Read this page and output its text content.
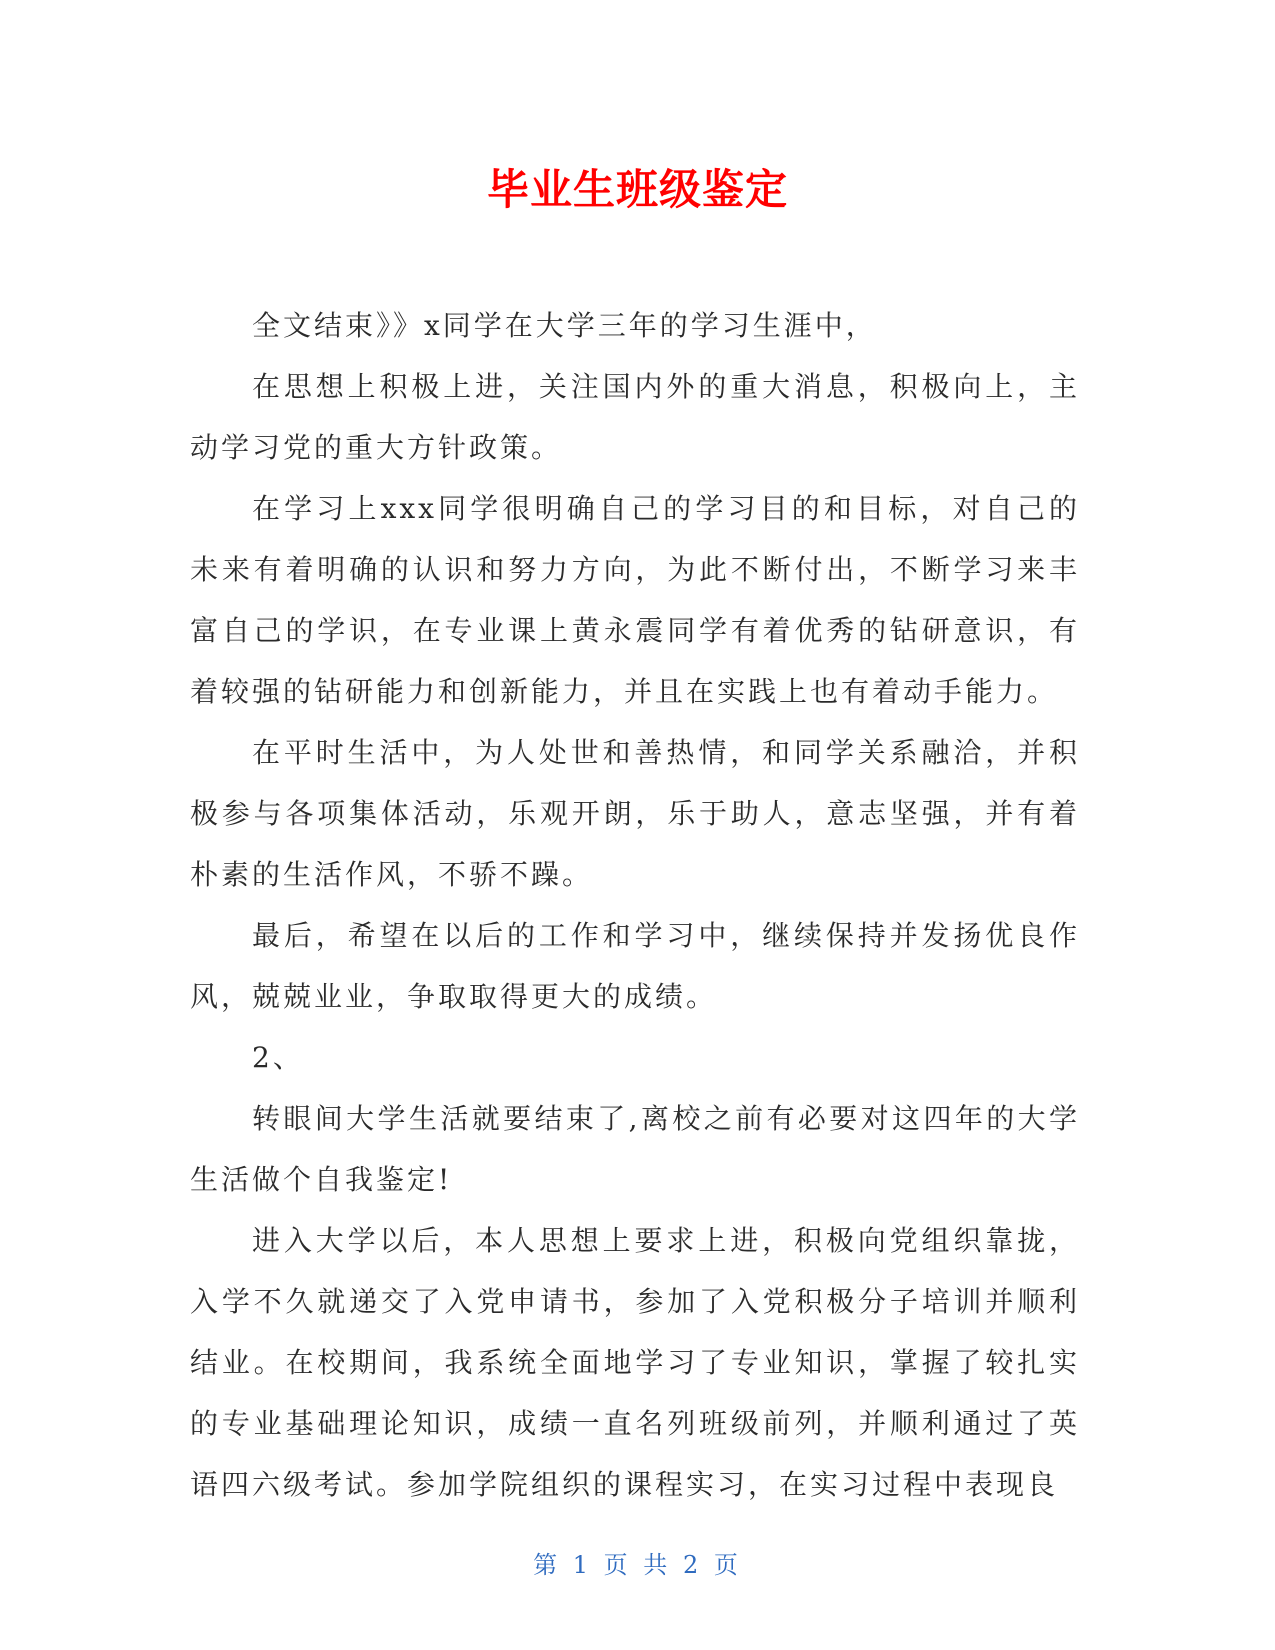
毕业生班级鉴定

全文结束》》x同学在大学三年的学习生涯中，

在思想上积极上进，关注国内外的重大消息，积极向上，主动学习党的重大方针政策。

在学习上xxx同学很明确自己的学习目的和目标，对自己的未来有着明确的认识和努力方向，为此不断付出，不断学习来丰富自己的学识，在专业课上黄永震同学有着优秀的钻研意识，有着较强的钻研能力和创新能力，并且在实践上也有着动手能力。

在平时生活中，为人处世和善热情，和同学关系融洽，并积极参与各项集体活动，乐观开朗，乐于助人，意志坚强，并有着朴素的生活作风，不骄不躁。

最后，希望在以后的工作和学习中，继续保持并发扬优良作风，兢兢业业，争取取得更大的成绩。

2、

转眼间大学生活就要结束了,离校之前有必要对这四年的大学生活做个自我鉴定!

进入大学以后，本人思想上要求上进，积极向党组织靠拢，入学不久就递交了入党申请书，参加了入党积极分子培训并顺利结业。在校期间，我系统全面地学习了专业知识，掌握了较扎实的专业基础理论知识，成绩一直名列班级前列，并顺利通过了英语四六级考试。参加学院组织的课程实习，在实习过程中表现良

第 1 页 共 2 页
